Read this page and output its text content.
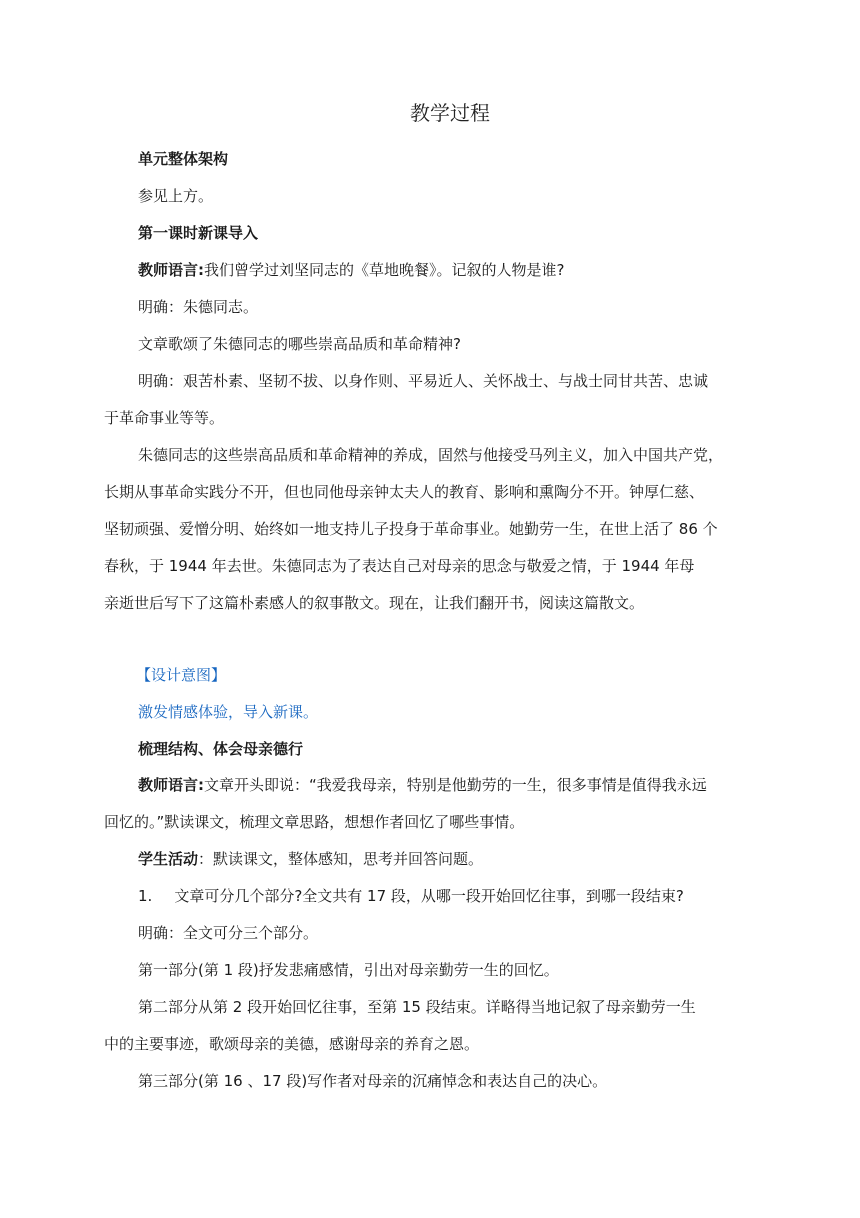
教学过程
单元整体架构
参见上方。
第一课时新课导入
教师语言:我们曾学过刘坚同志的《草地晚餐》。记叙的人物是谁?
明确：朱德同志。
文章歌颂了朱德同志的哪些崇高品质和革命精神?
明确：艰苦朴素、坚韧不拔、以身作则、平易近人、关怀战士、与战士同甘共苦、忠诚
于革命事业等等。
朱德同志的这些崇高品质和革命精神的养成，固然与他接受马列主义，加入中国共产党，
长期从事革命实践分不开，但也同他母亲钟太夫人的教育、影响和熏陶分不开。钟厚仁慈、
坚韧顽强、爱憎分明、始终如一地支持儿子投身于革命事业。她勤劳一生，在世上活了 86 个
春秋，于 1944 年去世。朱德同志为了表达自己对母亲的思念与敬爱之情，于 1944 年母
亲逝世后写下了这篇朴素感人的叙事散文。现在，让我们翻开书，阅读这篇散文。
【设计意图】
激发情感体验，导入新课。
梳理结构、体会母亲德行
教师语言:文章开头即说：“我爱我母亲，特别是他勤劳的一生，很多事情是值得我永远
回忆的。”默读课文，梳理文章思路，想想作者回忆了哪些事情。
学生活动：默读课文，整体感知，思考并回答问题。
1. 文章可分几个部分?全文共有 17 段，从哪一段开始回忆往事，到哪一段结束?
明确：全文可分三个部分。
第一部分(第 1 段)抒发悲痛感情，引出对母亲勤劳一生的回忆。
第二部分从第 2 段开始回忆往事，至第 15 段结束。详略得当地记叙了母亲勤劳一生
中的主要事迹，歌颂母亲的美德，感谢母亲的养育之恩。
第三部分(第 16 、17 段)写作者对母亲的沉痛悼念和表达自己的决心。
